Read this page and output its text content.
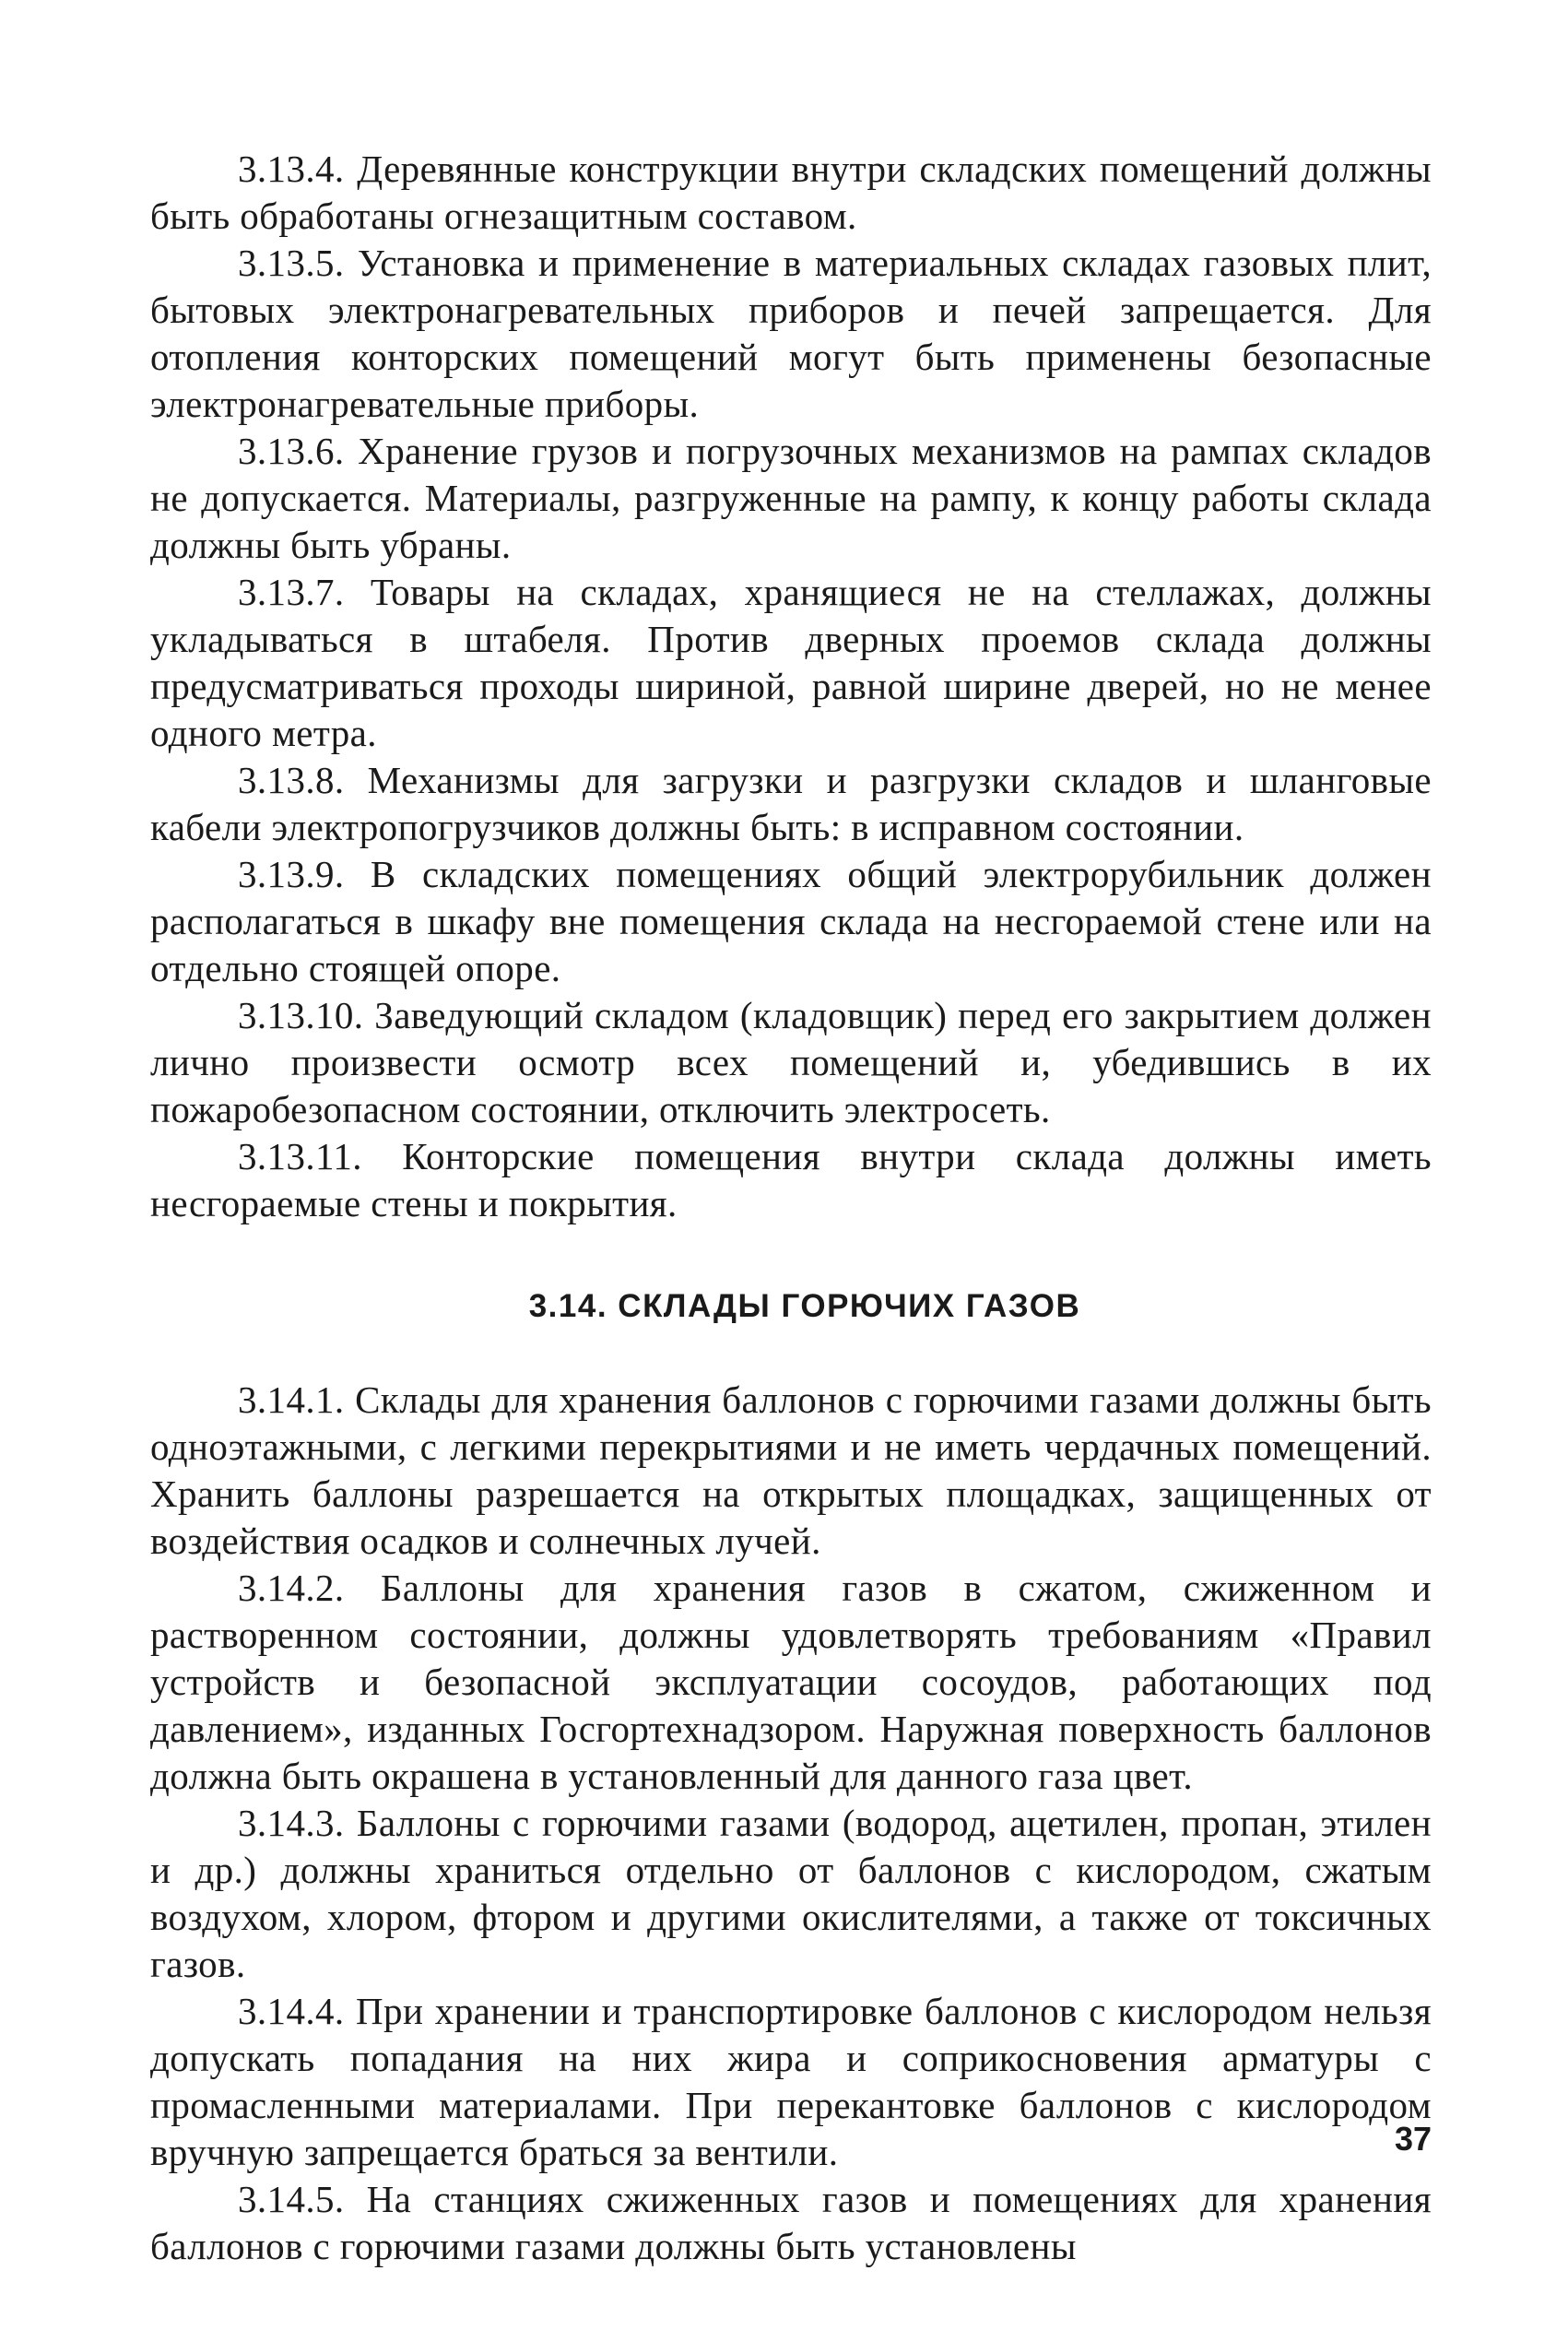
3.13.4. Деревянные конструкции внутри складских помещений должны быть обработаны огнезащитным составом.

3.13.5. Установка и применение в материальных складах газовых плит, бытовых электронагревательных приборов и печей запрещается. Для отопления конторских помещений могут быть применены безопасные электронагревательные приборы.

3.13.6. Хранение грузов и погрузочных механизмов на рампах складов не допускается. Материалы, разгруженные на рампу, к концу работы склада должны быть убраны.

3.13.7. Товары на складах, хранящиеся не на стеллажах, должны укладываться в штабеля. Против дверных проемов склада должны предусматриваться проходы шириной, равной ширине дверей, но не менее одного метра.

3.13.8. Механизмы для загрузки и разгрузки складов и шланговые кабели электропогрузчиков должны быть: в исправном состоянии.

3.13.9. В складских помещениях общий электрорубильник должен располагаться в шкафу вне помещения склада на несгораемой стене или на отдельно стоящей опоре.

3.13.10. Заведующий складом (кладовщик) перед его закрытием должен лично произвести осмотр всех помещений и, убедившись в их пожаробезопасном состоянии, отключить электросеть.

3.13.11. Конторские помещения внутри склада должны иметь несгораемые стены и покрытия.

3.14. СКЛАДЫ ГОРЮЧИХ ГАЗОВ

3.14.1. Склады для хранения баллонов с горючими газами должны быть одноэтажными, с легкими перекрытиями и не иметь чердачных помещений. Хранить баллоны разрешается на открытых площадках, защищенных от воздействия осадков и солнечных лучей.

3.14.2. Баллоны для хранения газов в сжатом, сжиженном и растворенном состоянии, должны удовлетворять требованиям «Правил устройств и безопасной эксплуатации сосоудов, работающих под давлением», изданных Госгортехнадзором. Наружная поверхность баллонов должна быть окрашена в установленный для данного газа цвет.

3.14.3. Баллоны с горючими газами (водород, ацетилен, пропан, этилен и др.) должны храниться отдельно от баллонов с кислородом, сжатым воздухом, хлором, фтором и другими окислителями, а также от токсичных газов.

3.14.4. При хранении и транспортировке баллонов с кислородом нельзя допускать попадания на них жира и соприкосновения арматуры с промасленными материалами. При перекантовке баллонов с кислородом вручную запрещается браться за вентили.

3.14.5. На станциях сжиженных газов и помещениях для хранения баллонов с горючими газами должны быть установлены

37
